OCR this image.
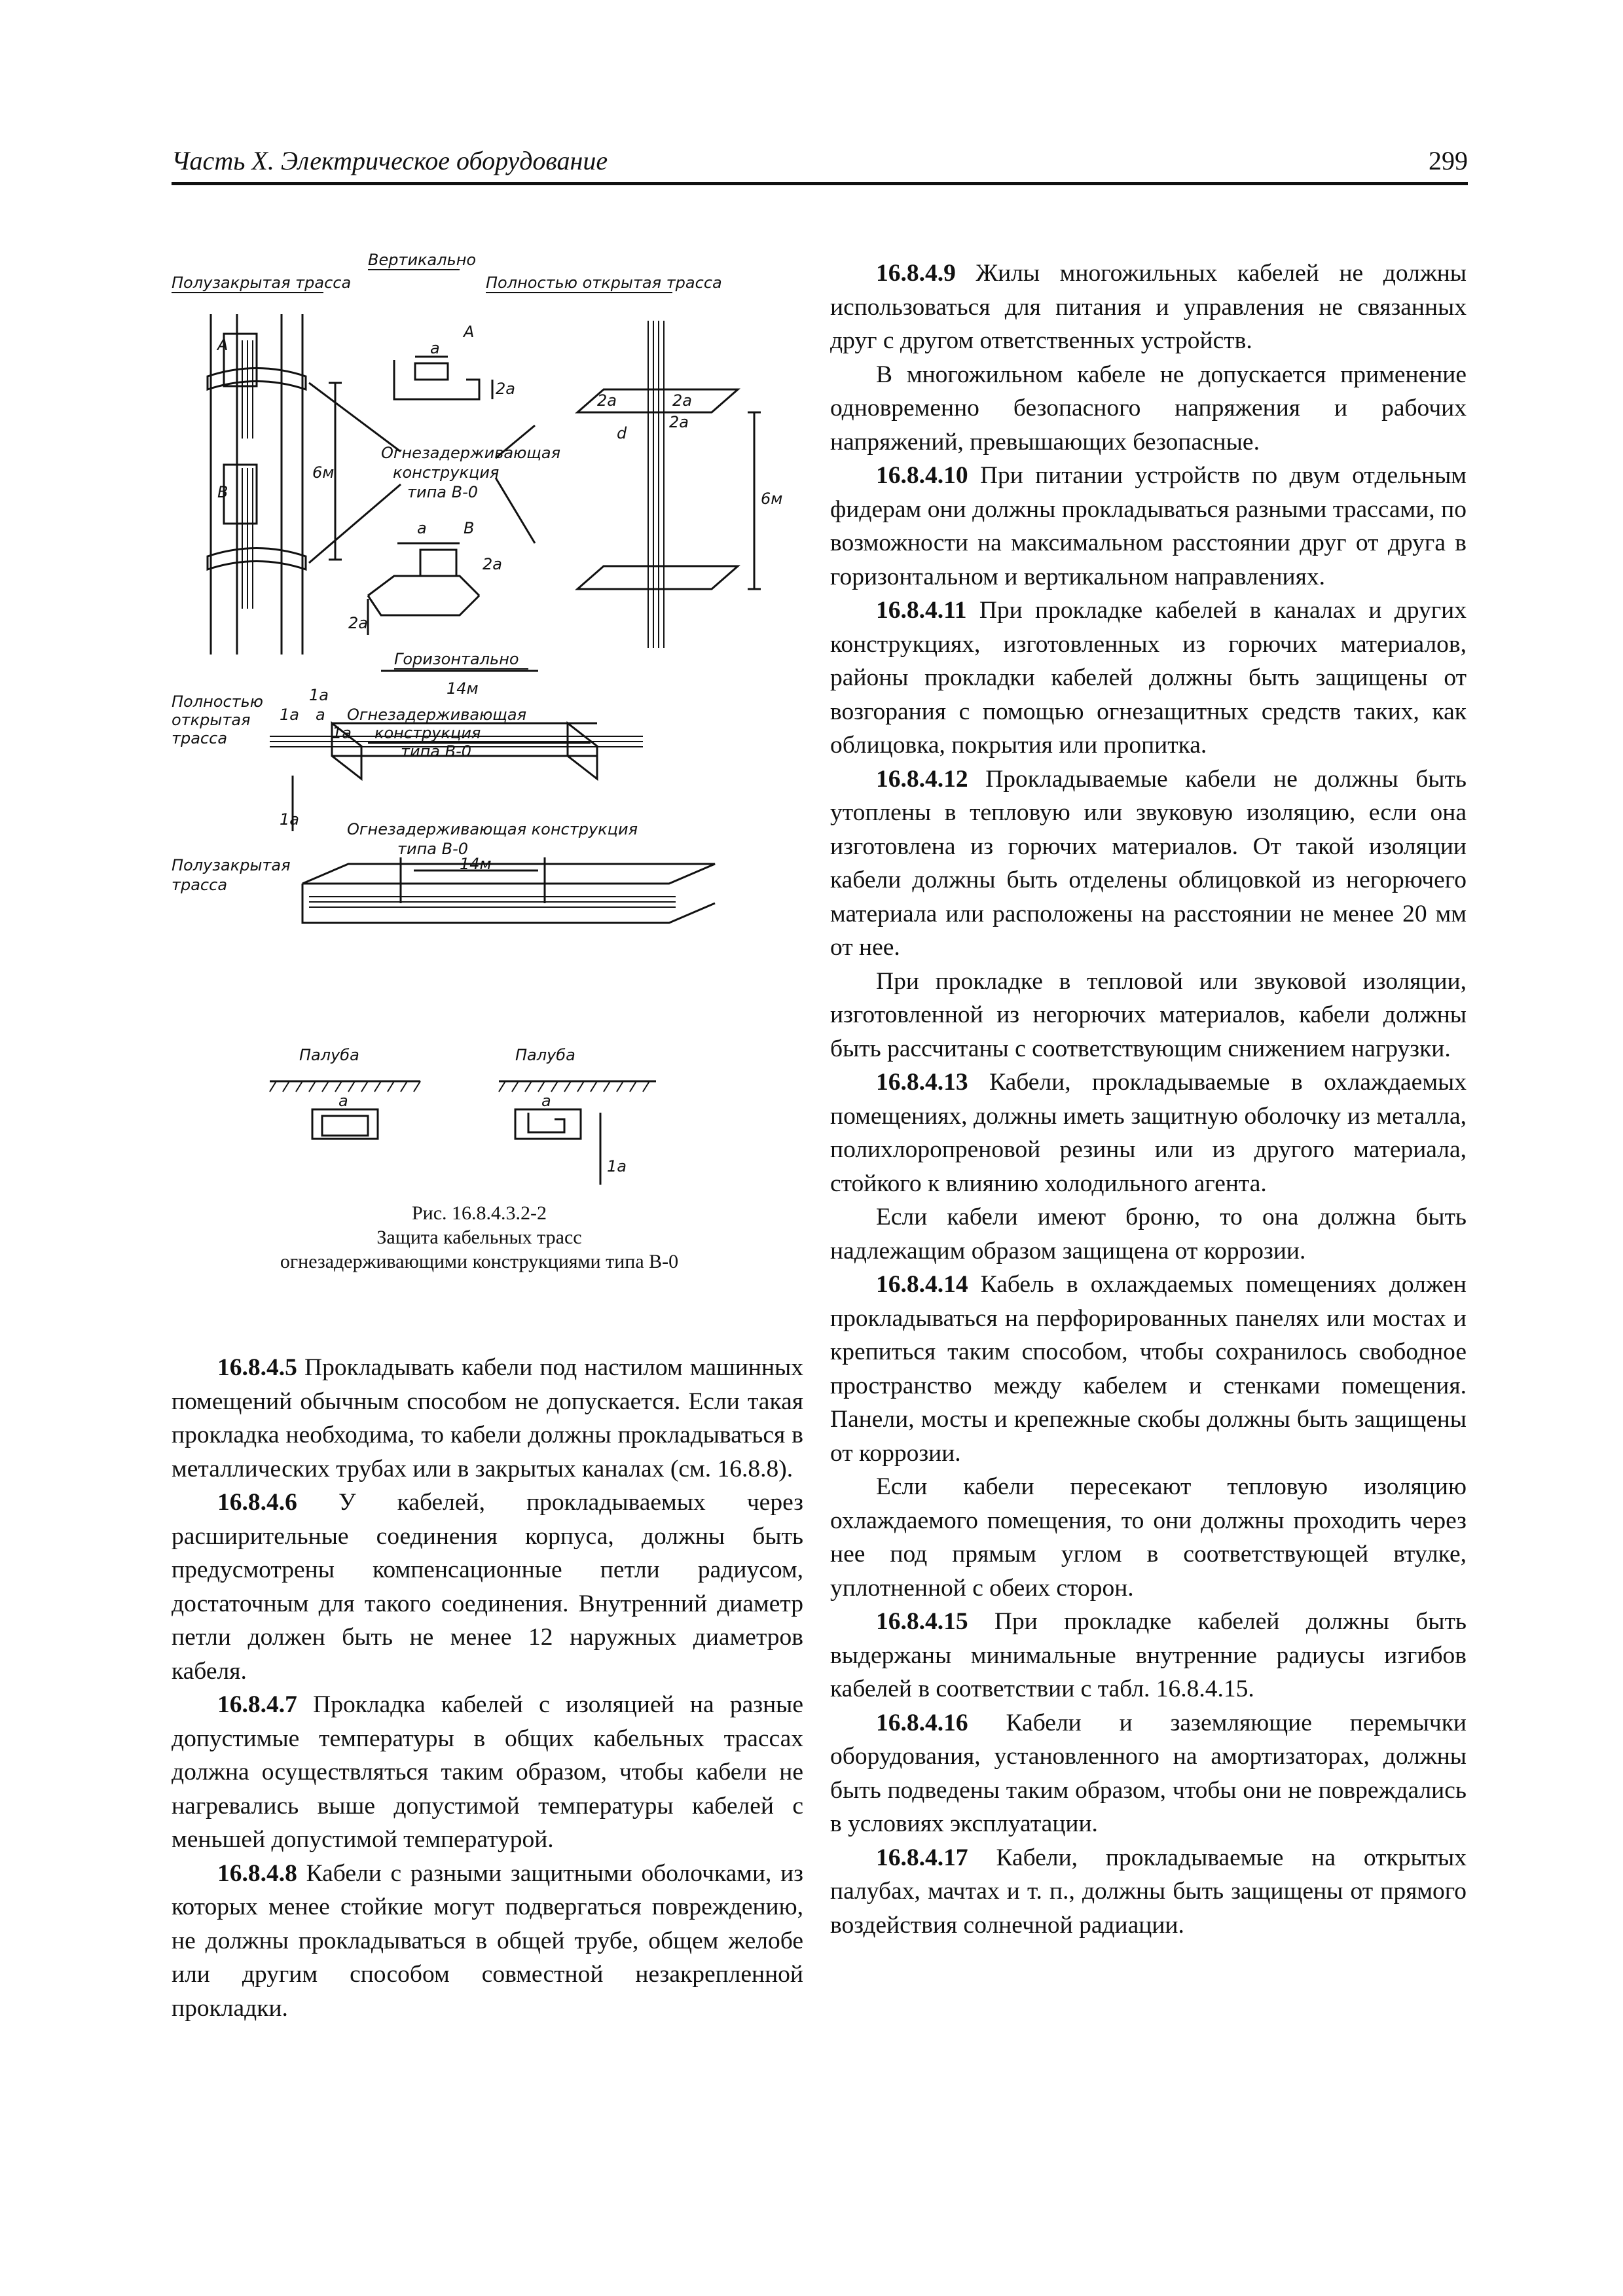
Часть X. Электрическое оборудование	299
Вертикально
Полузакрытая трасса	Полностью открытая трасса
А
В
А
а
2а
Огнезадерживающая
конструкция
типа В-0
а В
2а
2а
6м
2а	2а
2а
d
6м
Горизонтально
14м
Полностью
открытая
трасса
1а
1а а
1а
Огнезадерживающая
конструкция
типа В-0
1а
Огнезадерживающая конструкция
типа В-0
14м
Полузакрытая
трасса
Палуба	Палуба
а	а
1а
Рис. 16.8.4.3.2-2
Защита кабельных трасс
огнезадерживающими конструкциями типа В-0

16.8.4.5 Прокладывать кабели под настилом машинных помещений обычным способом не допускается. Если такая прокладка необходима, то кабели должны прокладываться в металлических трубах или в закрытых каналах (см. 16.8.8).

16.8.4.6 У кабелей, прокладываемых через расширительные соединения корпуса, должны быть предусмотрены компенсационные петли радиусом, достаточным для такого соединения. Внутренний диаметр петли должен быть не менее 12 наружных диаметров кабеля.

16.8.4.7 Прокладка кабелей с изоляцией на разные допустимые температуры в общих кабельных трассах должна осуществляться таким образом, чтобы кабели не нагревались выше допустимой температуры кабелей с меньшей допустимой температурой.

16.8.4.8 Кабели с разными защитными оболочками, из которых менее стойкие могут подвергаться повреждению, не должны прокладываться в общей трубе, общем желобе или другим способом совместной незакрепленной прокладки.

16.8.4.9 Жилы многожильных кабелей не должны использоваться для питания и управления не связанных друг с другом ответственных устройств.

В многожильном кабеле не допускается применение одновременно безопасного напряжения и рабочих напряжений, превышающих безопасные.

16.8.4.10 При питании устройств по двум отдельным фидерам они должны прокладываться разными трассами, по возможности на максимальном расстоянии друг от друга в горизонтальном и вертикальном направлениях.

16.8.4.11 При прокладке кабелей в каналах и других конструкциях, изготовленных из горючих материалов, районы прокладки кабелей должны быть защищены от возгорания с помощью огнезащитных средств таких, как облицовка, покрытия или пропитка.

16.8.4.12 Прокладываемые кабели не должны быть утоплены в тепловую или звуковую изоляцию, если она изготовлена из горючих материалов. От такой изоляции кабели должны быть отделены облицовкой из негорючего материала или расположены на расстоянии не менее 20 мм от нее.

При прокладке в тепловой или звуковой изоляции, изготовленной из негорючих материалов, кабели должны быть рассчитаны с соответствующим снижением нагрузки.

16.8.4.13 Кабели, прокладываемые в охлаждаемых помещениях, должны иметь защитную оболочку из металла, полихлоропреновой резины или из другого материала, стойкого к влиянию холодильного агента.

Если кабели имеют броню, то она должна быть надлежащим образом защищена от коррозии.

16.8.4.14 Кабель в охлаждаемых помещениях должен прокладываться на перфорированных панелях или мостах и крепиться таким способом, чтобы сохранилось свободное пространство между кабелем и стенками помещения. Панели, мосты и крепежные скобы должны быть защищены от коррозии.

Если кабели пересекают тепловую изоляцию охлаждаемого помещения, то они должны проходить через нее под прямым углом в соответствующей втулке, уплотненной с обеих сторон.

16.8.4.15 При прокладке кабелей должны быть выдержаны минимальные внутренние радиусы изгибов кабелей в соответствии с табл. 16.8.4.15.

16.8.4.16 Кабели и заземляющие перемычки оборудования, установленного на амортизаторах, должны быть подведены таким образом, чтобы они не повреждались в условиях эксплуатации.

16.8.4.17 Кабели, прокладываемые на открытых палубах, мачтах и т. п., должны быть защищены от прямого воздействия солнечной радиации.
